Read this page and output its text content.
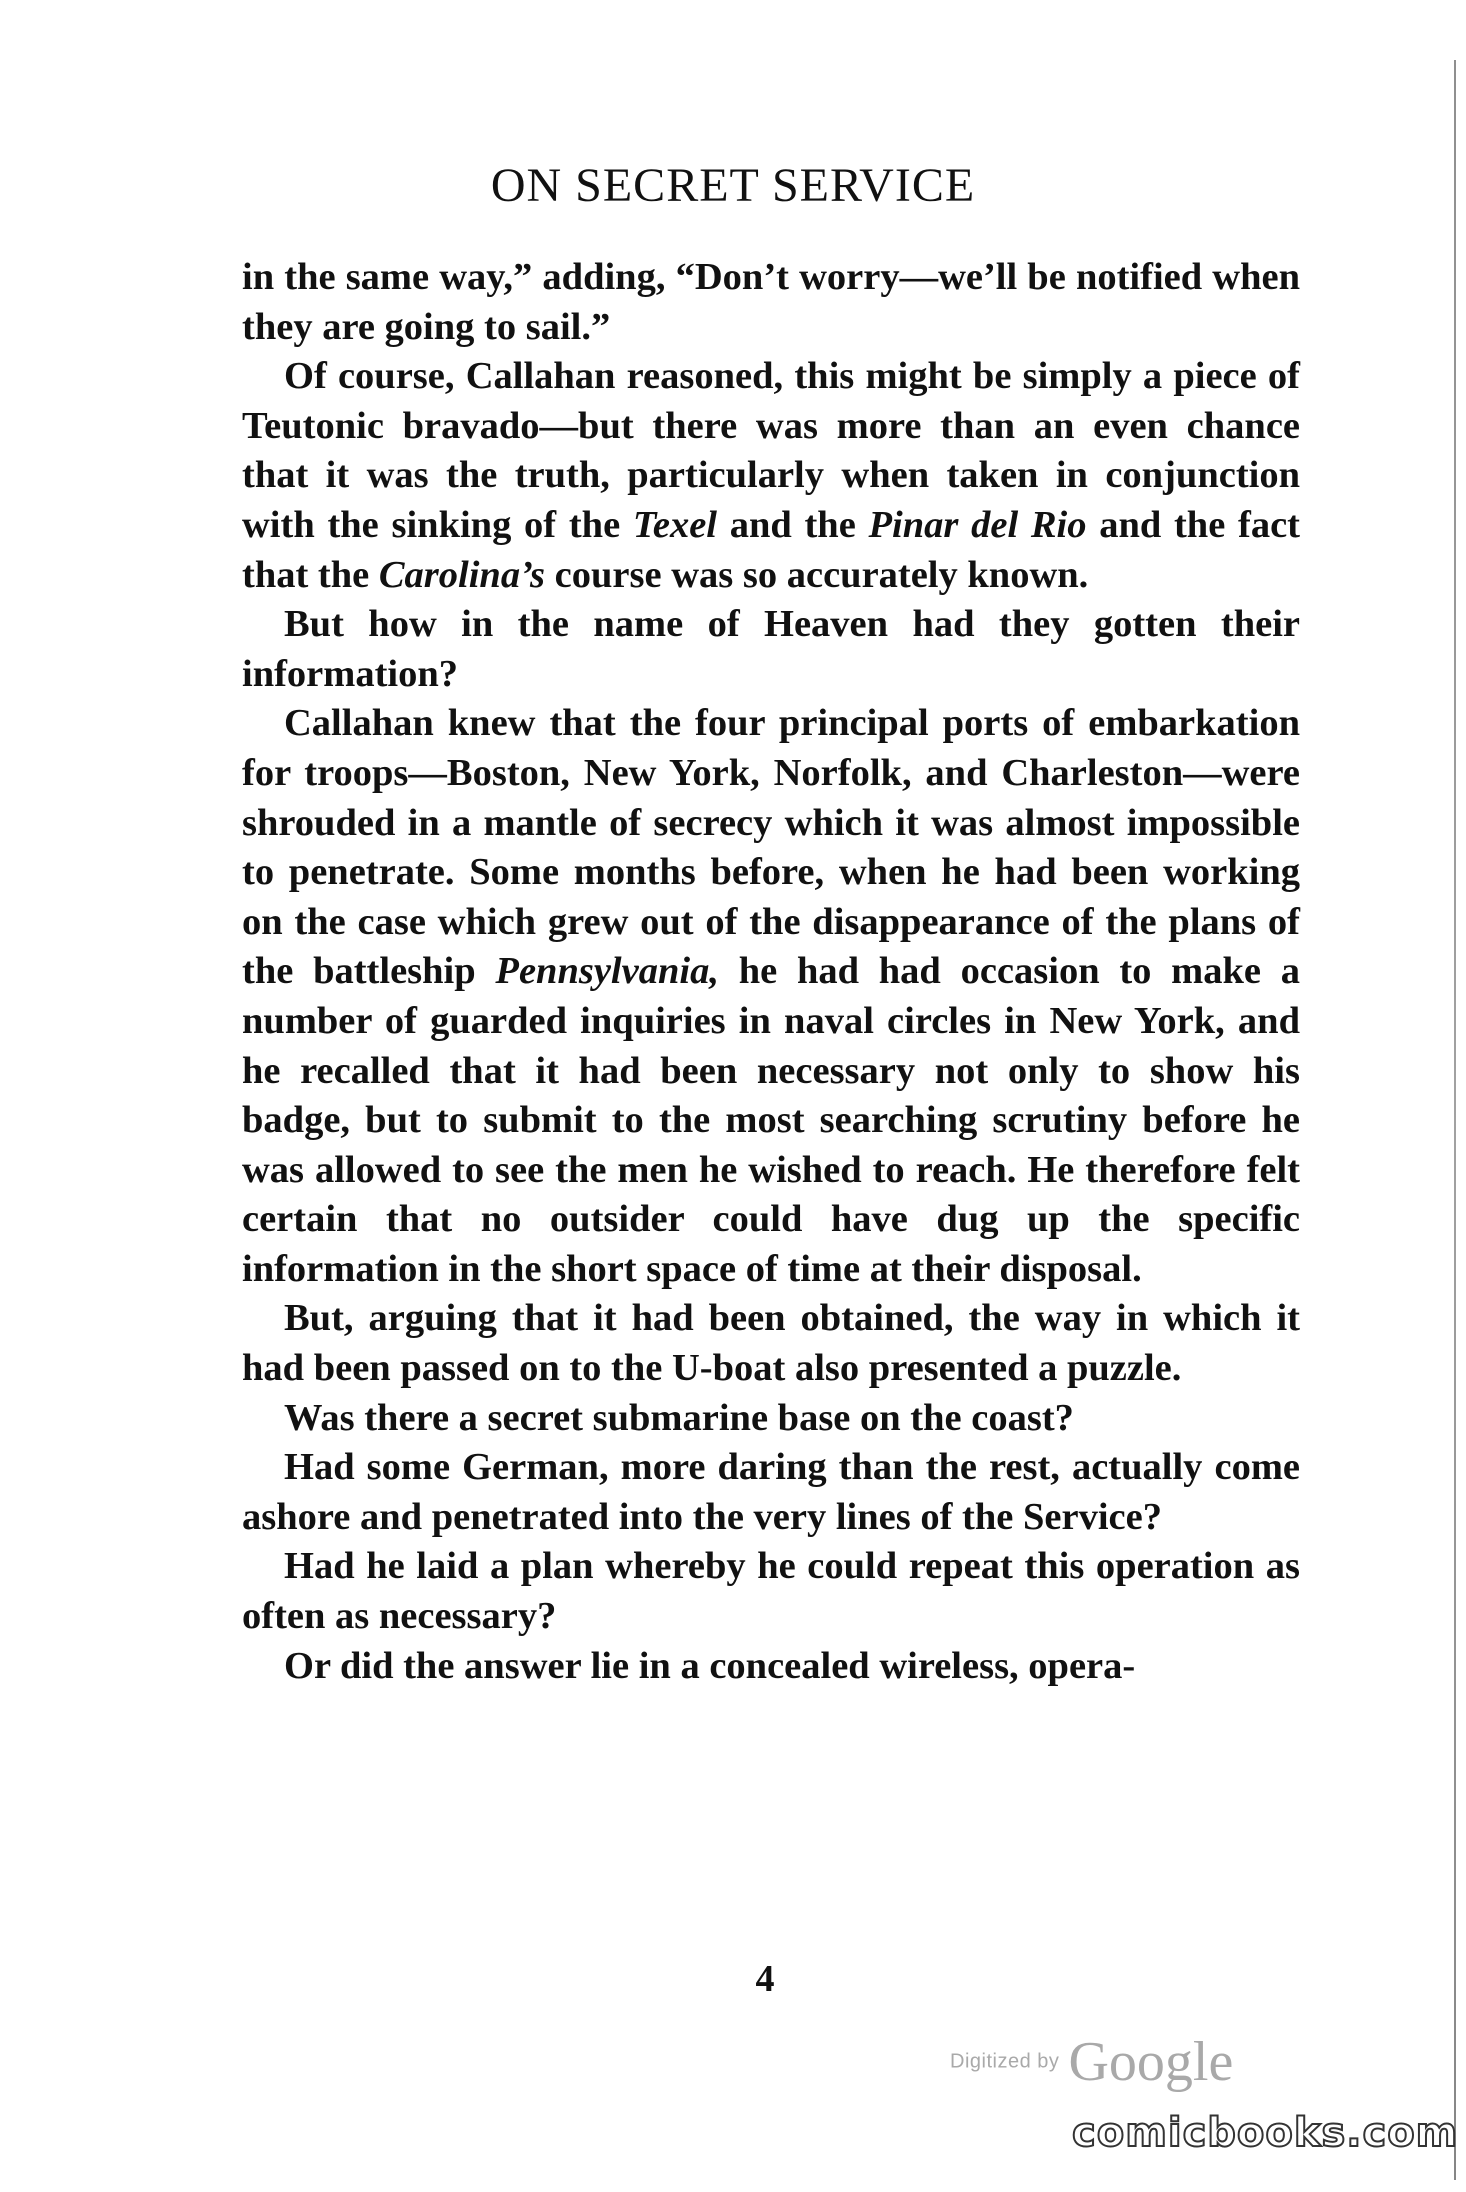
ON SECRET SERVICE

in the same way,” adding, “Don’t worry—we’ll be notified when they are going to sail.”

Of course, Callahan reasoned, this might be simply a piece of Teutonic bravado—but there was more than an even chance that it was the truth, particularly when taken in conjunction with the sinking of the Texel and the Pinar del Rio and the fact that the Carolina’s course was so accurately known.

But how in the name of Heaven had they gotten their information?

Callahan knew that the four principal ports of embarkation for troops—Boston, New York, Norfolk, and Charleston—were shrouded in a mantle of secrecy which it was almost impossible to penetrate. Some months before, when he had been working on the case which grew out of the disappearance of the plans of the battleship Pennsylvania, he had had occasion to make a number of guarded inquiries in naval circles in New York, and he recalled that it had been necessary not only to show his badge, but to submit to the most searching scrutiny before he was allowed to see the men he wished to reach. He therefore felt certain that no outsider could have dug up the specific information in the short space of time at their disposal.

But, arguing that it had been obtained, the way in which it had been passed on to the U-boat also presented a puzzle.

Was there a secret submarine base on the coast?

Had some German, more daring than the rest, actually come ashore and penetrated into the very lines of the Service?

Had he laid a plan whereby he could repeat this operation as often as necessary?

Or did the answer lie in a concealed wireless, opera-

4
Digitized by Google
comicbooks.com
